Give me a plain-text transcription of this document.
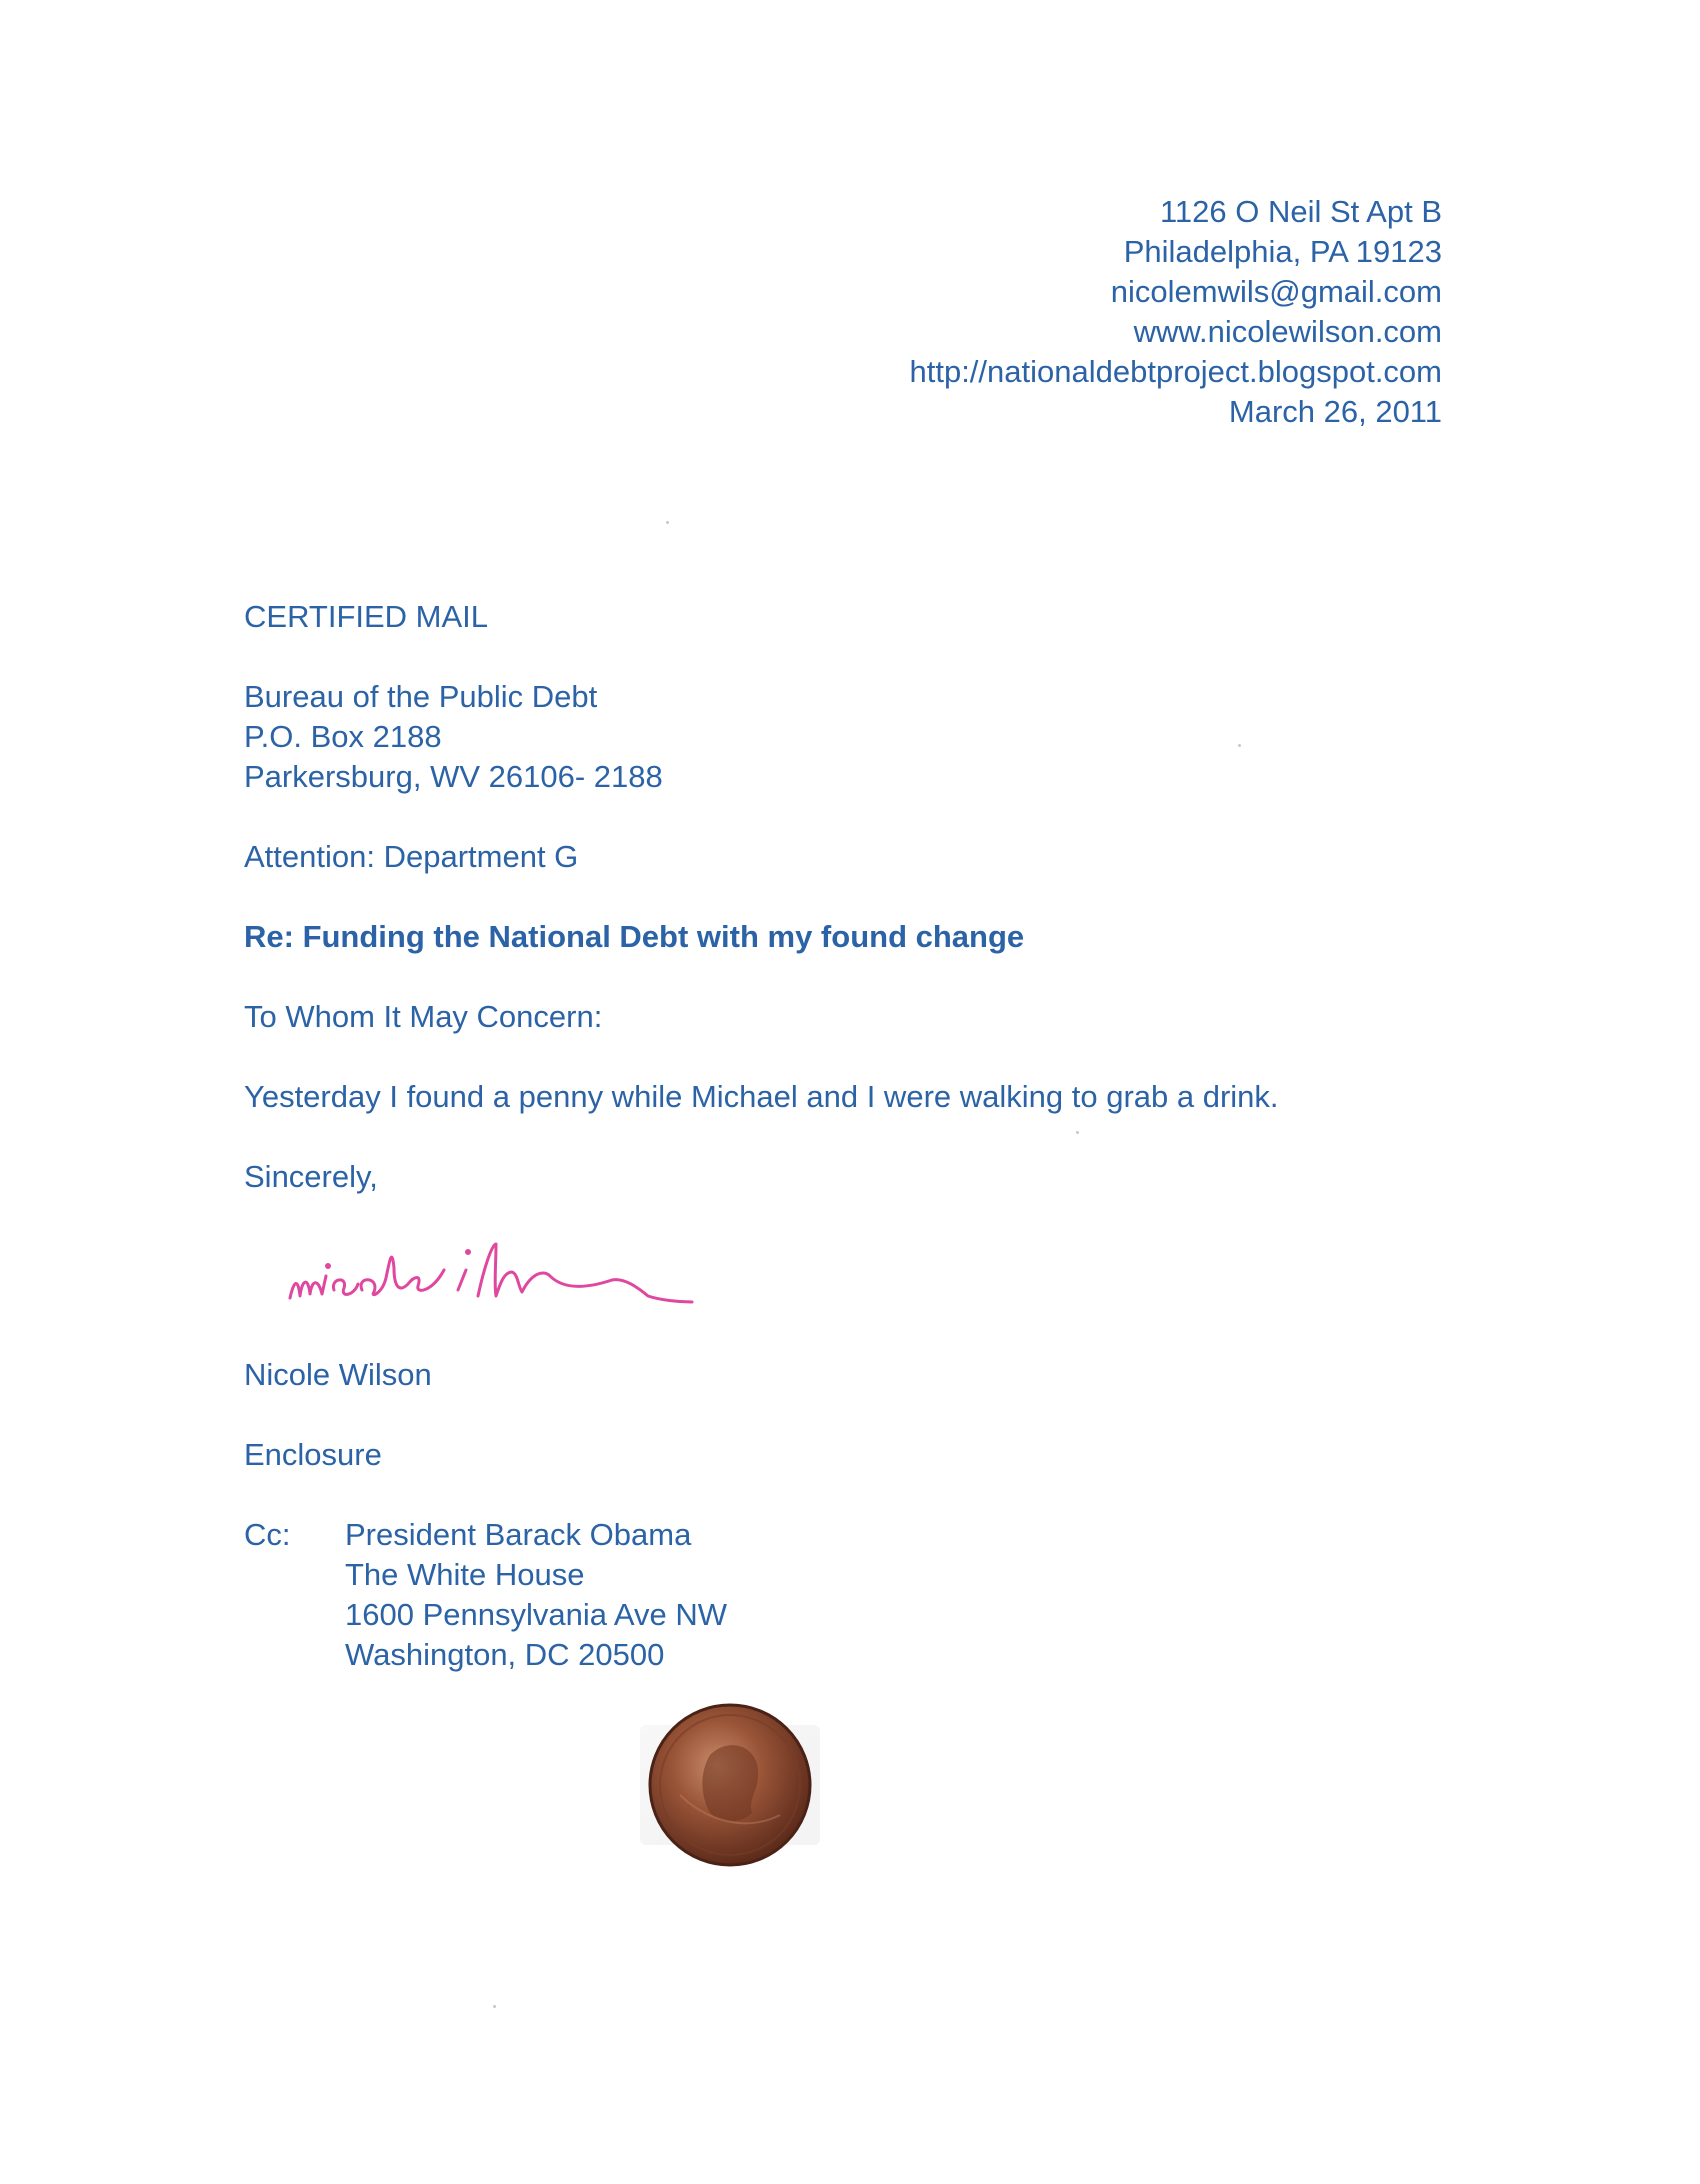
1126 O Neil St Apt B
Philadelphia, PA 19123
nicolemwils@gmail.com
www.nicolewilson.com
http://nationaldebtproject.blogspot.com
March 26, 2011
CERTIFIED MAIL
Bureau of the Public Debt
P.O. Box 2188
Parkersburg, WV 26106- 2188
Attention: Department G
Re: Funding the National Debt with my found change
To Whom It May Concern:
Yesterday I found a penny while Michael and I were walking to grab a drink.
Sincerely,
Nicole Wilson
Enclosure
Cc: President Barack Obama
The White House
1600 Pennsylvania Ave NW
Washington, DC 20500
